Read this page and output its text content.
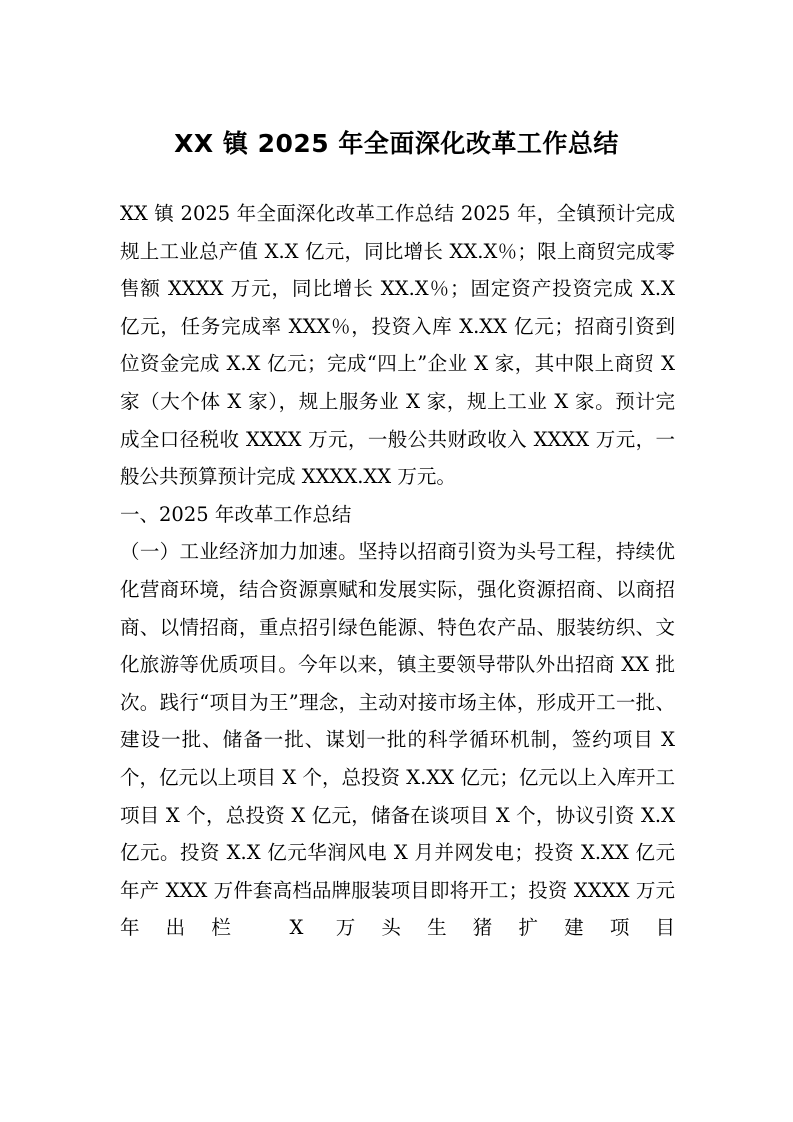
XX 镇 2025 年全面深化改革工作总结

XX 镇 2025 年全面深化改革工作总结 2025 年，全镇预计完成规上工业总产值 X.X 亿元，同比增长 XX.X％；限上商贸完成零售额 XXXX 万元，同比增长 XX.X％；固定资产投资完成 X.X 亿元，任务完成率 XXX％，投资入库 X.XX 亿元；招商引资到位资金完成 X.X 亿元；完成“四上”企业 X 家，其中限上商贸 X 家（大个体 X 家），规上服务业 X 家，规上工业 X 家。预计完成全口径税收 XXXX 万元，一般公共财政收入 XXXX 万元，一般公共预算预计完成 XXXX.XX 万元。

一、2025 年改革工作总结

（一）工业经济加力加速。坚持以招商引资为头号工程，持续优化营商环境，结合资源禀赋和发展实际，强化资源招商、以商招商、以情招商，重点招引绿色能源、特色农产品、服装纺织、文化旅游等优质项目。今年以来，镇主要领导带队外出招商 XX 批次。践行“项目为王”理念，主动对接市场主体，形成开工一批、建设一批、储备一批、谋划一批的科学循环机制，签约项目 X 个，亿元以上项目 X 个，总投资 X.XX 亿元；亿元以上入库开工项目 X 个，总投资 X 亿元，储备在谈项目 X 个，协议引资 X.X 亿元。投资 X.X 亿元华润风电 X 月并网发电；投资 X.XX 亿元年产 XXX 万件套高档品牌服装项目即将开工；投资 XXXX 万元年出栏 X 万头生猪扩建项目
